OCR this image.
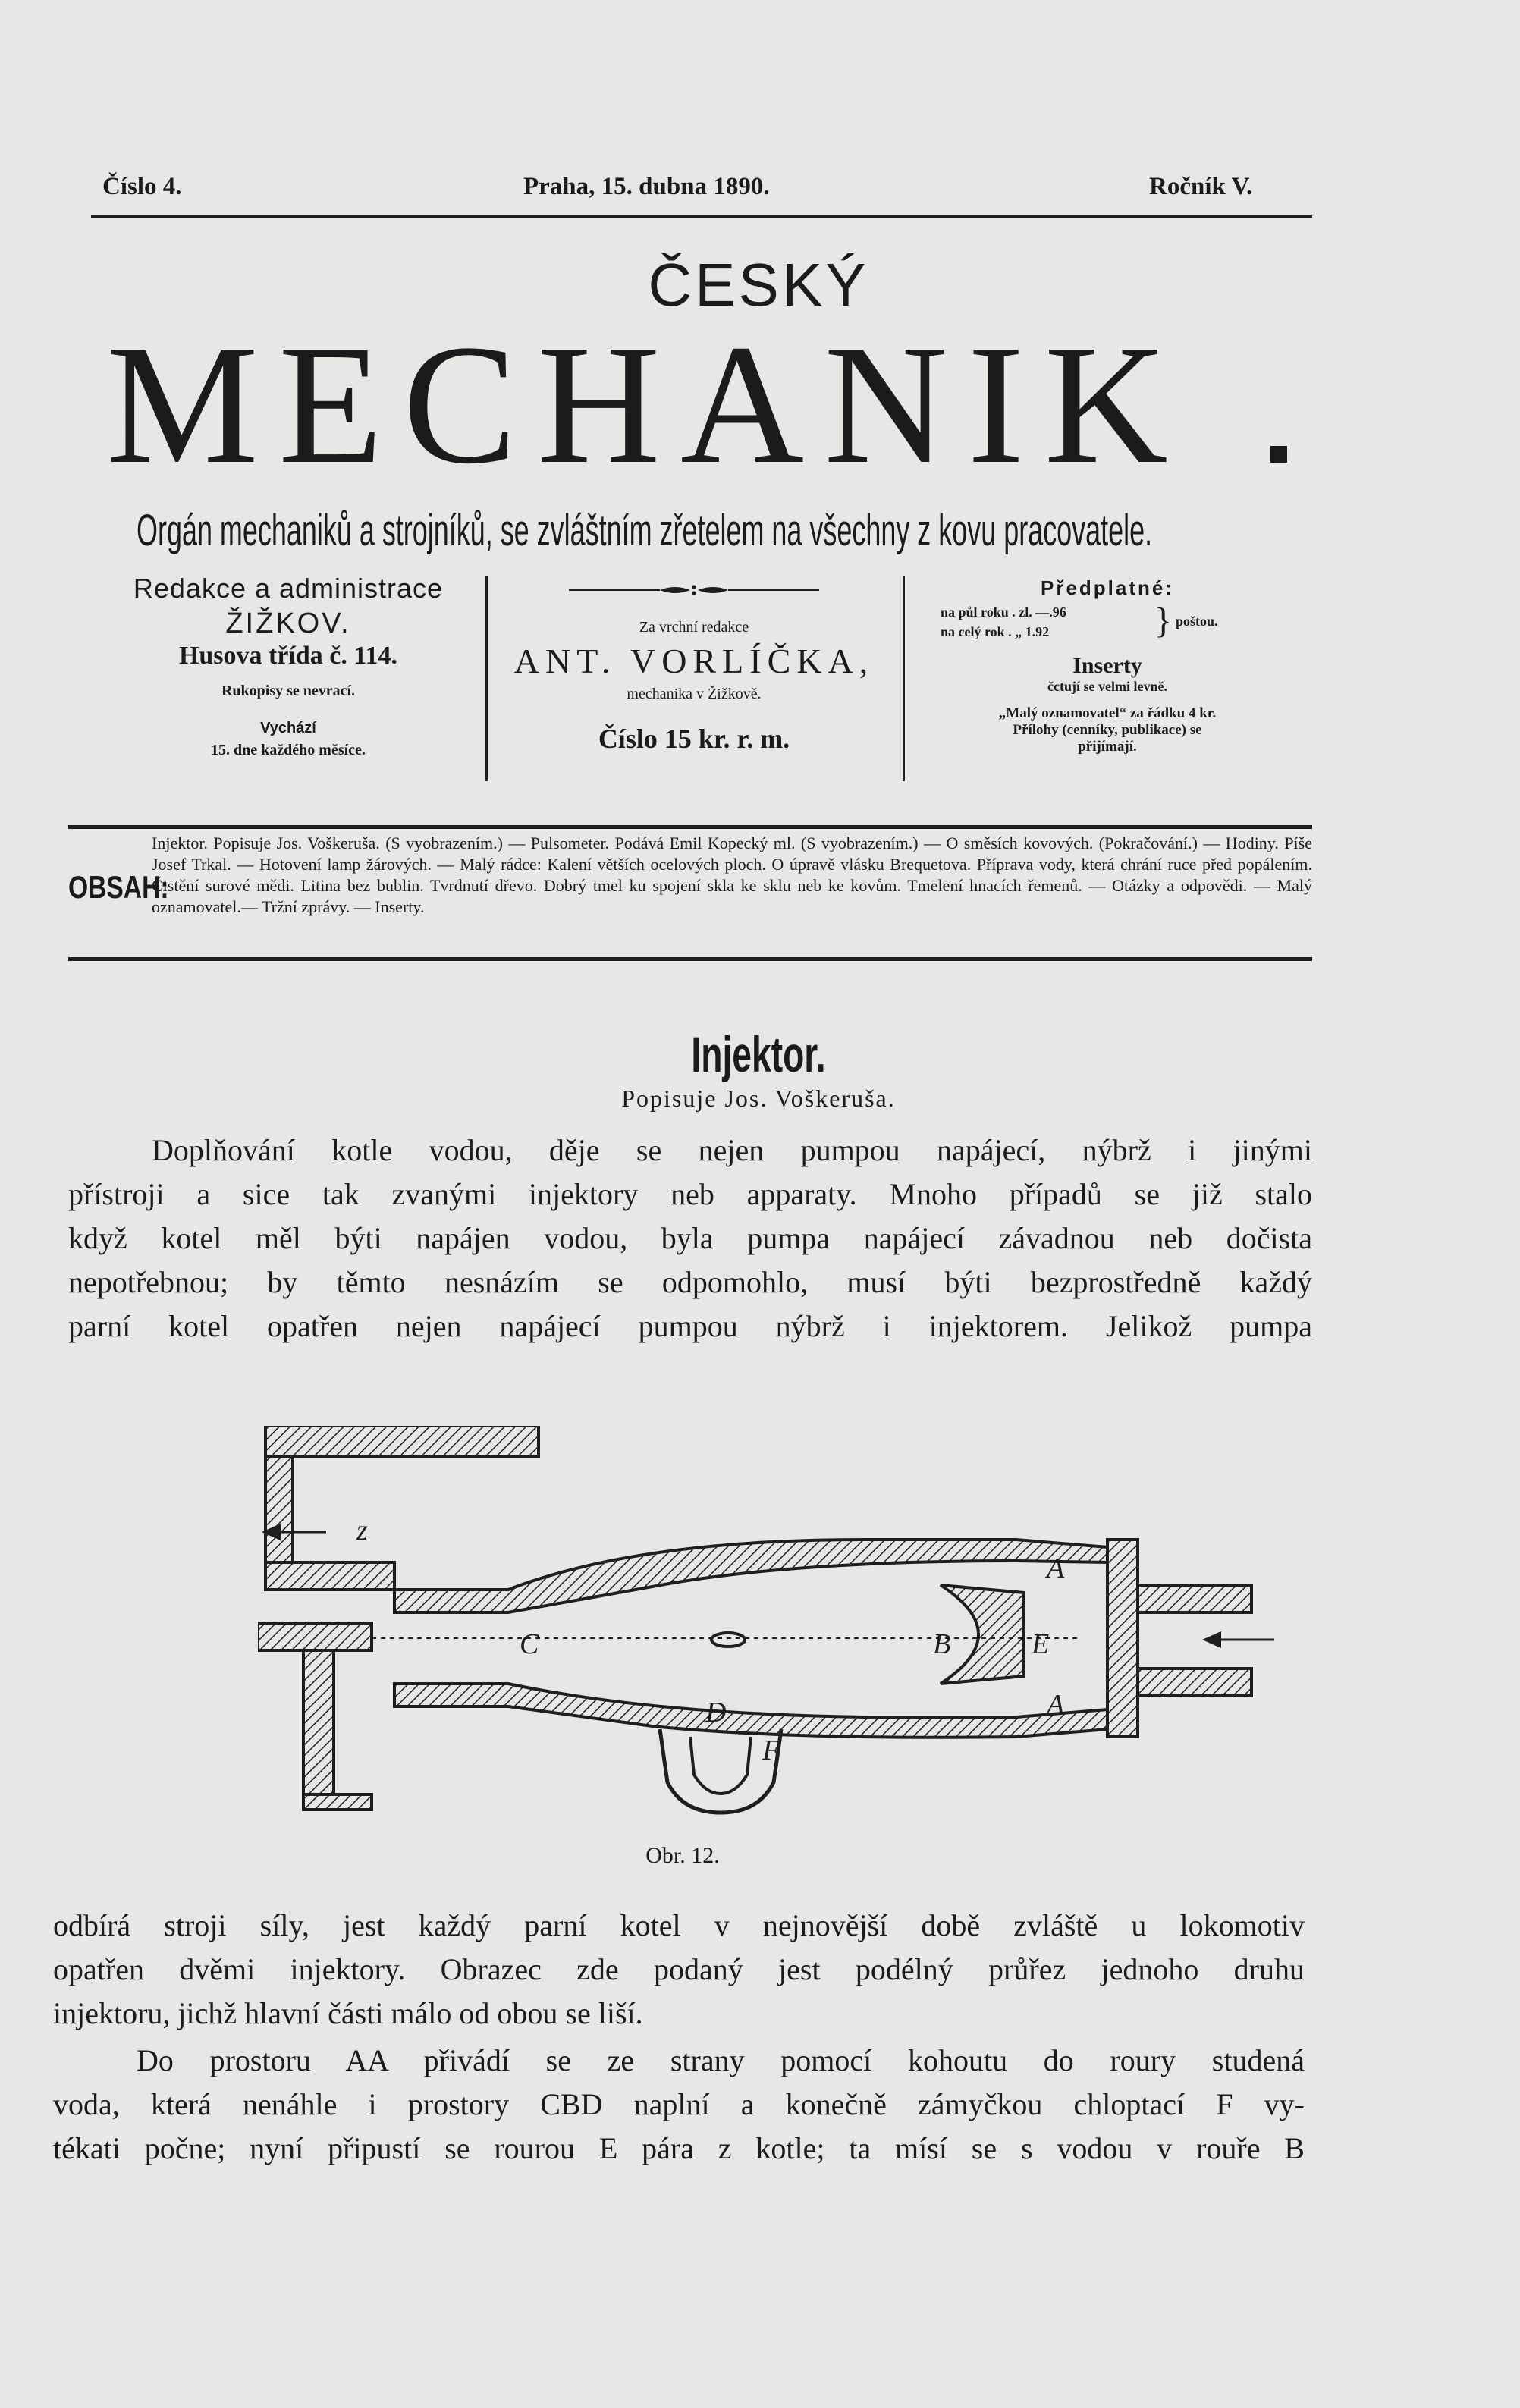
Číslo 4.	Praha, 15. dubna 1890.	Ročník V.
ČESKÝ
MECHANIK
Orgán mechaniků a strojníků, se zvláštním zřetelem na všechny z kovu pracovatele.
Redakce a administrace
ŽIŽKOV.
Husova třída č. 114.
Rukopisy se nevrací.
Vychází
15. dne každého měsíce.
Za vrchní redakce
ANT. VORLÍČKA,
mechanika v Žižkově.
Číslo 15 kr. r. m.
Předplatné:
na půl roku . zl. —.96
na celý rok . „ 1.92	} poštou.
Inserty
čctují se velmi levně.
„Malý oznamovatel“ za řádku 4 kr.
Přílohy (cenníky, publikace) se
přijímají.
OBSAH:
Injektor. Popisuje Jos. Voškeruša. (S vyobrazením.) — Pulsometer. Podává Emil Kopecký ml. (S vyobrazením.) — O směsích kovových. (Pokračování.) — Hodiny. Píše Josef Trkal. — Hotovení lamp žárových. — Malý rádce: Kalení větších ocelových ploch. O úpravě vlásku Brequetova. Příprava vody, která chrání ruce před popálením. Čistění surové mědi. Litina bez bublin. Tvrdnutí dřevo. Dobrý tmel ku spojení skla ke sklu neb ke kovům. Tmelení hnacích řemenů. — Otázky a odpovědi. — Malý oznamovatel.— Tržní zprávy. — Inserty.
Injektor.
Popisuje Jos. Voškeruša.
Doplňování kotle vodou, děje se nejen pumpou napájecí, nýbrž i jinými
přístroji a sice tak zvanými injektory neb apparaty. Mnoho případů se již stalo
když kotel měl býti napájen vodou, byla pumpa napájecí závadnou neb dočista
nepotřebnou; by těmto nesnázím se odpomohlo, musí býti bezprostředně každý
parní kotel opatřen nejen napájecí pumpou nýbrž i injektorem. Jelikož pumpa
z
C
D
B	E
A
A
F
Obr. 12.
odbírá stroji síly, jest každý parní kotel v nejnovější době zvláště u lokomotiv
opatřen dvěmi injektory. Obrazec zde podaný jest podélný průřez jednoho druhu
injektoru, jichž hlavní části málo od obou se liší.
Do prostoru AA přivádí se ze strany pomocí kohoutu do roury studená
voda, která nenáhle i prostory CBD naplní a konečně zámyčkou chloptací F vy-
tékati počne; nyní připustí se rourou E pára z kotle; ta mísí se s vodou v rouře B
